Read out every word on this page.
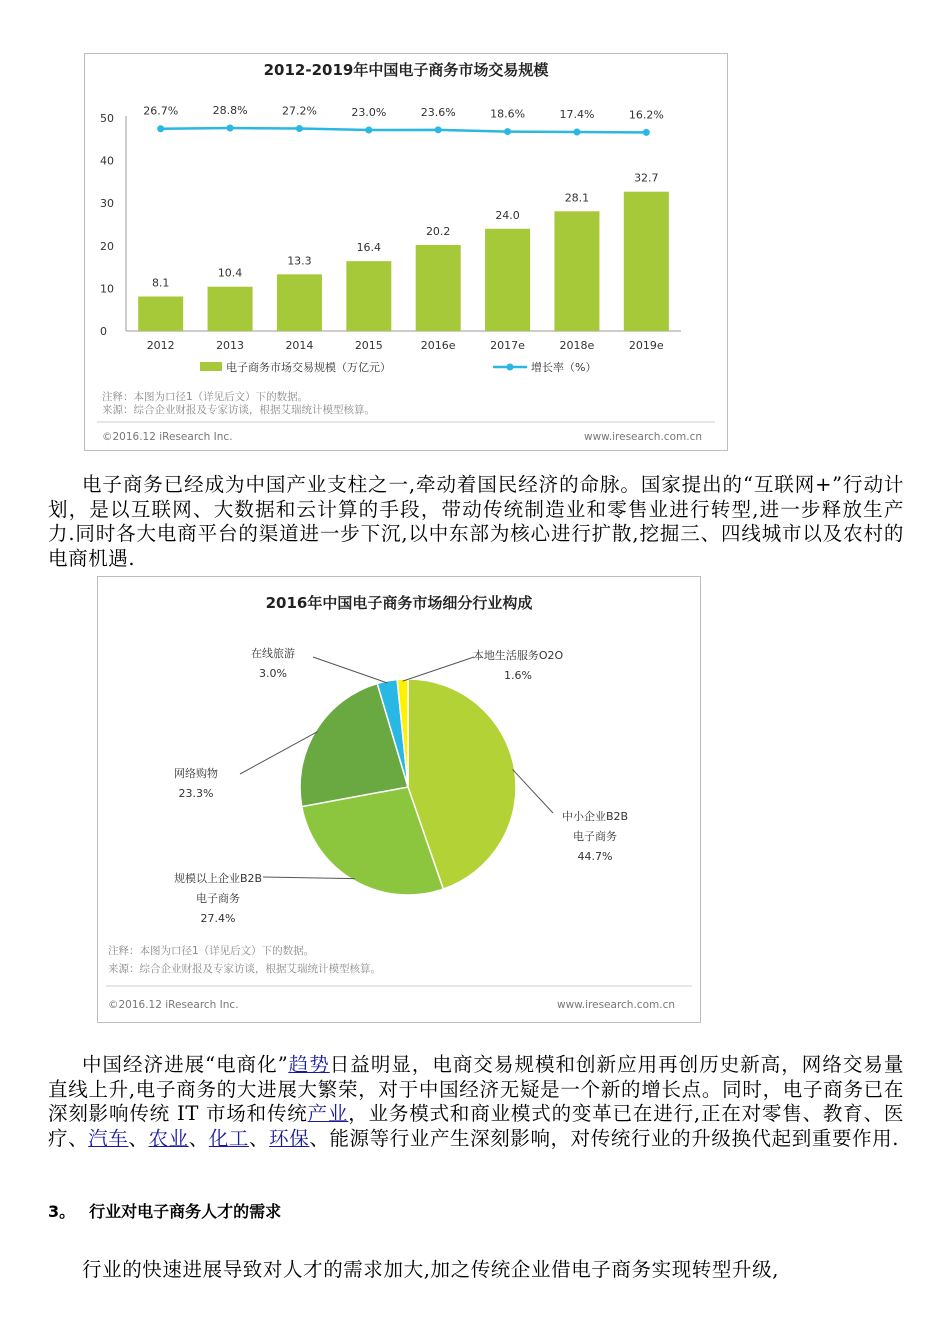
2012-2019年中国电子商务市场交易规模
0
10
20
30
40
50
8.1
2012
26.7%
10.4
2013
28.8%
13.3
2014
27.2%
16.4
2015
23.0%
20.2
2016e
23.6%
24.0
2017e
18.6%
28.1
2018e
17.4%
32.7
2019e
16.2%
电子商务市场交易规模（万亿元）	增长率（%）
注释：本图为口径1（详见后文）下的数据。
来源：综合企业财报及专家访谈，根据艾瑞统计模型核算。
©2016.12 iResearch Inc.	www.iresearch.com.cn

电子商务已经成为中国产业支柱之一,牵动着国民经济的命脉。国家提出的“互联网+”行动计划，是以互联网、大数据和云计算的手段，带动传统制造业和零售业进行转型,进一步释放生产力.同时各大电商平台的渠道进一步下沉,以中东部为核心进行扩散,挖掘三、四线城市以及农村的电商机遇.

2016年中国电子商务市场细分行业构成
中小企业B2B
电子商务
44.7%
规模以上企业B2B
电子商务
27.4%
网络购物
23.3%
在线旅游
3.0%
本地生活服务O2O
1.6%
注释：本图为口径1（详见后文）下的数据。
来源：综合企业财报及专家访谈，根据艾瑞统计模型核算。
©2016.12 iResearch Inc.	www.iresearch.com.cn

中国经济进展“电商化”趋势日益明显，电商交易规模和创新应用再创历史新高，网络交易量直线上升,电子商务的大进展大繁荣，对于中国经济无疑是一个新的增长点。同时，电子商务已在深刻影响传统 IT 市场和传统产业，业务模式和商业模式的变革已在进行,正在对零售、教育、医疗、汽车、农业、化工、环保、能源等行业产生深刻影响，对传统行业的升级换代起到重要作用.

3。 行业对电子商务人才的需求

行业的快速进展导致对人才的需求加大,加之传统企业借电子商务实现转型升级,
